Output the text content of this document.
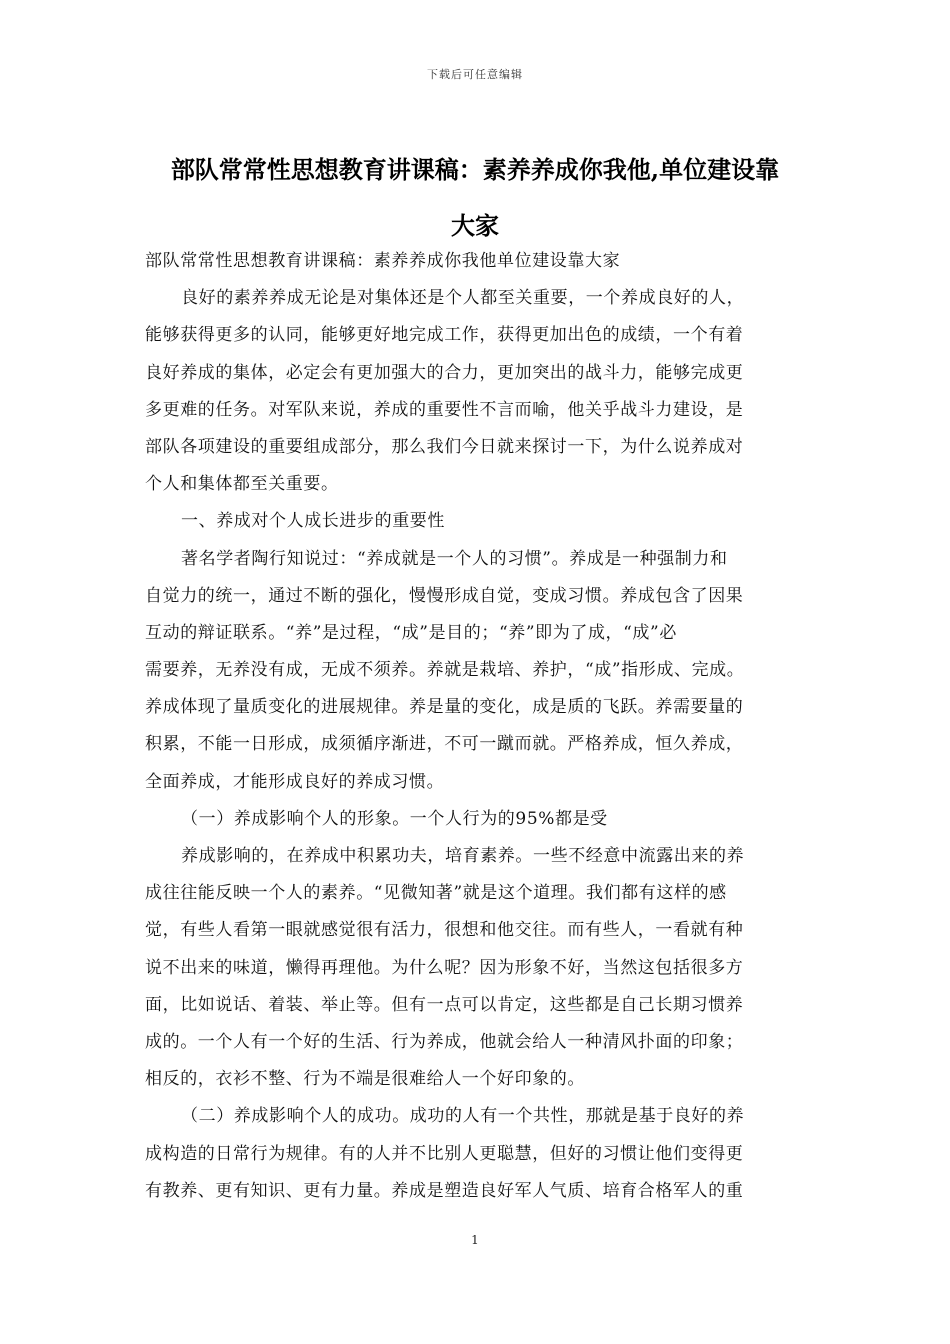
下载后可任意编辑
部队常常性思想教育讲课稿：素养养成你我他,单位建设靠
大家
部队常常性思想教育讲课稿：素养养成你我他单位建设靠大家
良好的素养养成无论是对集体还是个人都至关重要，一个养成良好的人，
能够获得更多的认同，能够更好地完成工作，获得更加出色的成绩，一个有着
良好养成的集体，必定会有更加强大的合力，更加突出的战斗力，能够完成更
多更难的任务。对军队来说，养成的重要性不言而喻，他关乎战斗力建设，是
部队各项建设的重要组成部分，那么我们今日就来探讨一下，为什么说养成对
个人和集体都至关重要。
一、养成对个人成长进步的重要性
著名学者陶行知说过：“养成就是一个人的习惯”。养成是一种强制力和
自觉力的统一，通过不断的强化，慢慢形成自觉，变成习惯。养成包含了因果
互动的辩证联系。“养”是过程，“成”是目的；“养”即为了成，“成”必
需要养，无养没有成，无成不须养。养就是栽培、养护，“成”指形成、完成。
养成体现了量质变化的进展规律。养是量的变化，成是质的飞跃。养需要量的
积累，不能一日形成，成须循序渐进，不可一蹴而就。严格养成，恒久养成，
全面养成，才能形成良好的养成习惯。
（一）养成影响个人的形象。一个人行为的95%都是受
养成影响的，在养成中积累功夫，培育素养。一些不经意中流露出来的养
成往往能反映一个人的素养。“见微知著”就是这个道理。我们都有这样的感
觉，有些人看第一眼就感觉很有活力，很想和他交往。而有些人，一看就有种
说不出来的味道，懒得再理他。为什么呢？因为形象不好，当然这包括很多方
面，比如说话、着装、举止等。但有一点可以肯定，这些都是自己长期习惯养
成的。一个人有一个好的生活、行为养成，他就会给人一种清风扑面的印象；
相反的，衣衫不整、行为不端是很难给人一个好印象的。
（二）养成影响个人的成功。成功的人有一个共性，那就是基于良好的养
成构造的日常行为规律。有的人并不比别人更聪慧，但好的习惯让他们变得更
有教养、更有知识、更有力量。养成是塑造良好军人气质、培育合格军人的重
1
